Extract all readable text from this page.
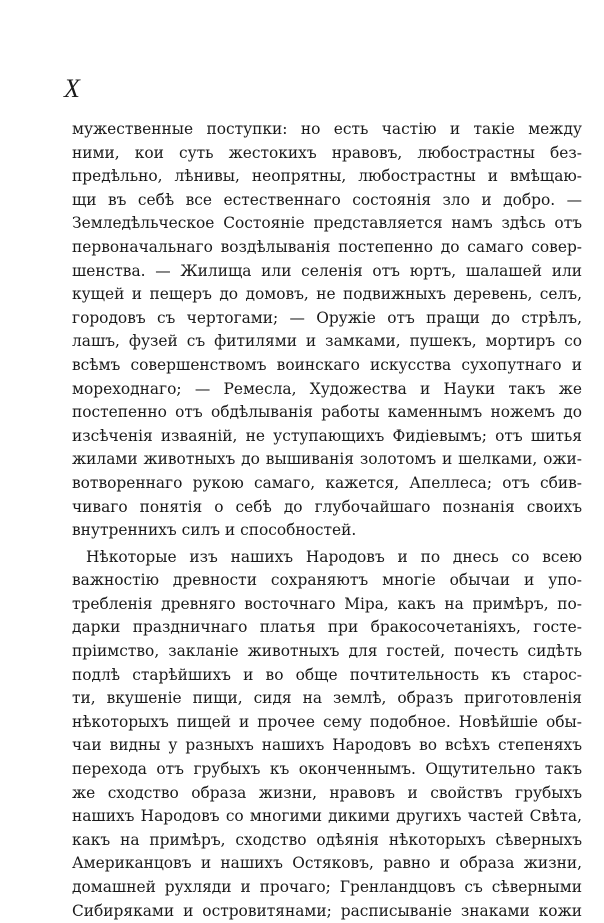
X
мужественные поступки: но есть частію и такіе между
ними, кои суть жестокихъ нравовъ, любострастны без-
предѣльно, лѣнивы, неопрятны, любострастны и вмѣщаю-
щи въ себѣ все естественнаго состоянія зло и добро. —
Земледѣльческое Состояніе представляется намъ здѣсь отъ
первоначальнаго воздѣлыванія постепенно до самаго совер-
шенства. — Жилища или селенія отъ юртъ, шалашей или
кущей и пещеръ до домовъ, не подвижныхъ деревень, селъ,
городовъ съ чертогами; — Оружіе отъ пращи до стрѣлъ,
лашъ, фузей съ фитилями и замками, пушекъ, мортиръ со
всѣмъ совершенствомъ воинскаго искусства сухопутнаго и
мореходнаго; — Ремесла, Художества и Науки такъ же
постепенно отъ обдѣлыванія работы каменнымъ ножемъ до
изсѣченія изваяній, не уступающихъ Фидіевымъ; отъ шитья
жилами животныхъ до вышиванія золотомъ и шелками, ожи-
вотвореннаго рукою самаго, кажется, Апеллеса; отъ сбив-
чиваго понятія о себѣ до глубочайшаго познанія своихъ
внутреннихъ силъ и способностей.
Нѣкоторые изъ нашихъ Народовъ и по днесь со всею
важностію древности сохраняютъ многіе обычаи и упо-
требленія древняго восточнаго Міра, какъ на примѣръ, по-
дарки праздничнаго платья при бракосочетаніяхъ, госте-
пріимство, закланіе животныхъ для гостей, почесть сидѣть
подлѣ старѣйшихъ и во обще почтительность къ старос-
ти, вкушеніе пищи, сидя на землѣ, образъ приготовленія
нѣкоторыхъ пищей и прочее сему подобное. Новѣйшіе обы-
чаи видны у разныхъ нашихъ Народовъ во всѣхъ степеняхъ
перехода отъ грубыхъ къ оконченнымъ. Ощутительно такъ
же сходство образа жизни, нравовъ и свойствъ грубыхъ
нашихъ Народовъ со многими дикими другихъ частей Свѣта,
какъ на примѣръ, сходство одѣянія нѣкоторыхъ сѣверныхъ
Американцовъ и нашихъ Остяковъ, равно и образа жизни,
домашней рухляди и прочаго; Гренландцовъ съ сѣверными
Сибиряками и островитянами; расписываніе знаками кожи
